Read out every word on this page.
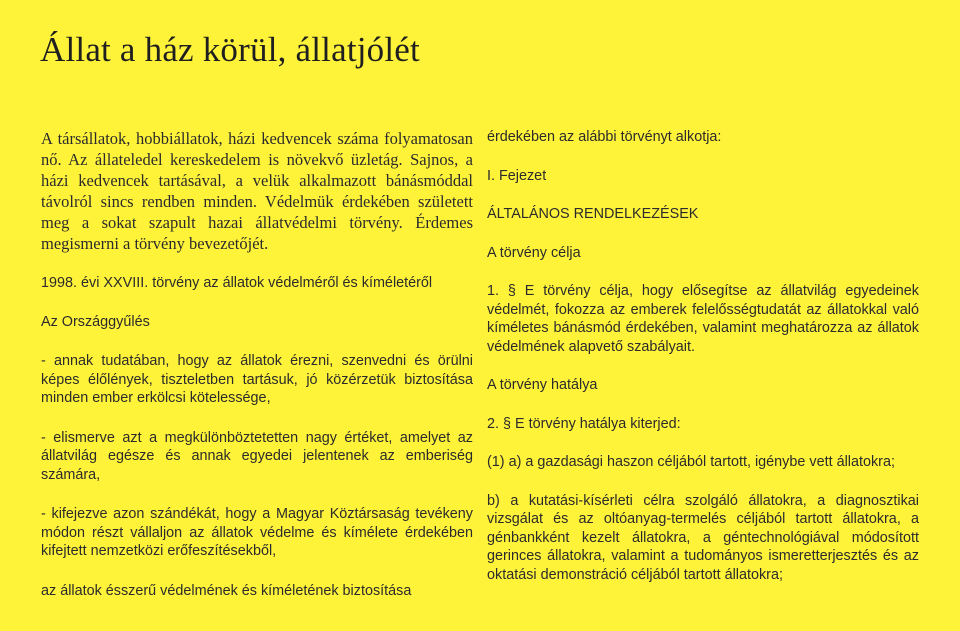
Állat a ház körül, állatjólét

A társállatok, hobbiállatok, házi kedvencek száma folyamatosan nő. Az állateledel kereskedelem is növekvő üzletág. Sajnos, a házi kedvencek tartásával, a velük alkalmazott bánásmóddal távolról sincs rendben minden. Védelmük érdekében született meg a sokat szapult hazai állatvédelmi törvény. Érdemes megismerni a törvény bevezetőjét.

1998. évi XXVIII. törvény az állatok védelméről és kíméletéről

Az Országgyűlés

- annak tudatában, hogy az állatok érezni, szenvedni és örülni képes élőlények, tiszteletben tartásuk, jó közérzetük biztosítása minden ember erkölcsi kötelessége,

- elismerve azt a megkülönböztetetten nagy értéket, amelyet az állatvilág egésze és annak egyedei jelentenek az emberiség számára,

- kifejezve azon szándékát, hogy a Magyar Köztársaság tevékeny módon részt vállaljon az állatok védelme és kímélete érdekében kifejtett nemzetközi erőfeszítésekből,

az állatok ésszerű védelmének és kíméletének biztosítása

érdekében az alábbi törvényt alkotja:

I. Fejezet

ÁLTALÁNOS RENDELKEZÉSEK

A törvény célja

1. § E törvény célja, hogy elősegítse az állatvilág egyedeinek védelmét, fokozza az emberek felelősségtudatát az állatokkal való kíméletes bánásmód érdekében, valamint meghatározza az állatok védelmének alapvető szabályait.

A törvény hatálya

2. § E törvény hatálya kiterjed:

(1) a) a gazdasági haszon céljából tartott, igénybe vett állatokra;

b) a kutatási-kísérleti célra szolgáló állatokra, a diagnosztikai vizsgálat és az oltóanyag-termelés céljából tartott állatokra, a génbankként kezelt állatokra, a géntechnológiával módosított gerinces állatokra, valamint a tudományos ismeretterjesztés és az oktatási demonstráció céljából tartott állatokra;
